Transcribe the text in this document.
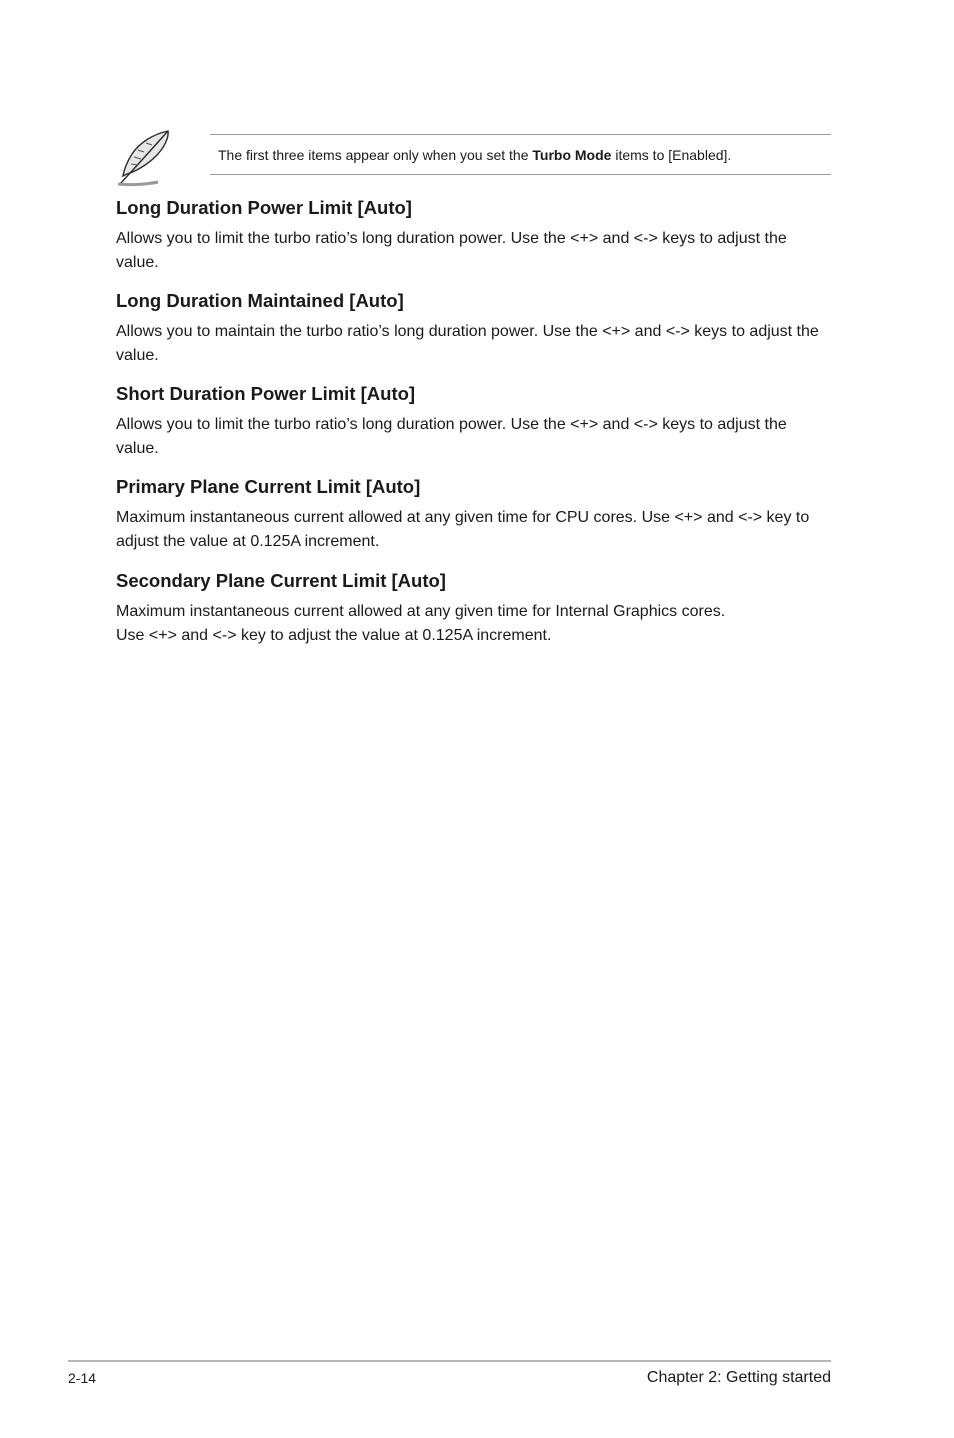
The first three items appear only when you set the Turbo Mode items to [Enabled].
Long Duration Power Limit [Auto]

Allows you to limit the turbo ratio’s long duration power. Use the <+> and <-> keys to adjust the value.

Long Duration Maintained [Auto]

Allows you to maintain the turbo ratio’s long duration power. Use the <+> and <-> keys to adjust the value.

Short Duration Power Limit [Auto]

Allows you to limit the turbo ratio’s long duration power. Use the <+> and <-> keys to adjust the value.

Primary Plane Current Limit [Auto]

Maximum instantaneous current allowed at any given time for CPU cores. Use <+> and <-> key to adjust the value at 0.125A increment.

Secondary Plane Current Limit [Auto]

Maximum instantaneous current allowed at any given time for Internal Graphics cores.
Use <+> and <-> key to adjust the value at 0.125A increment.

2-14	Chapter 2: Getting started
